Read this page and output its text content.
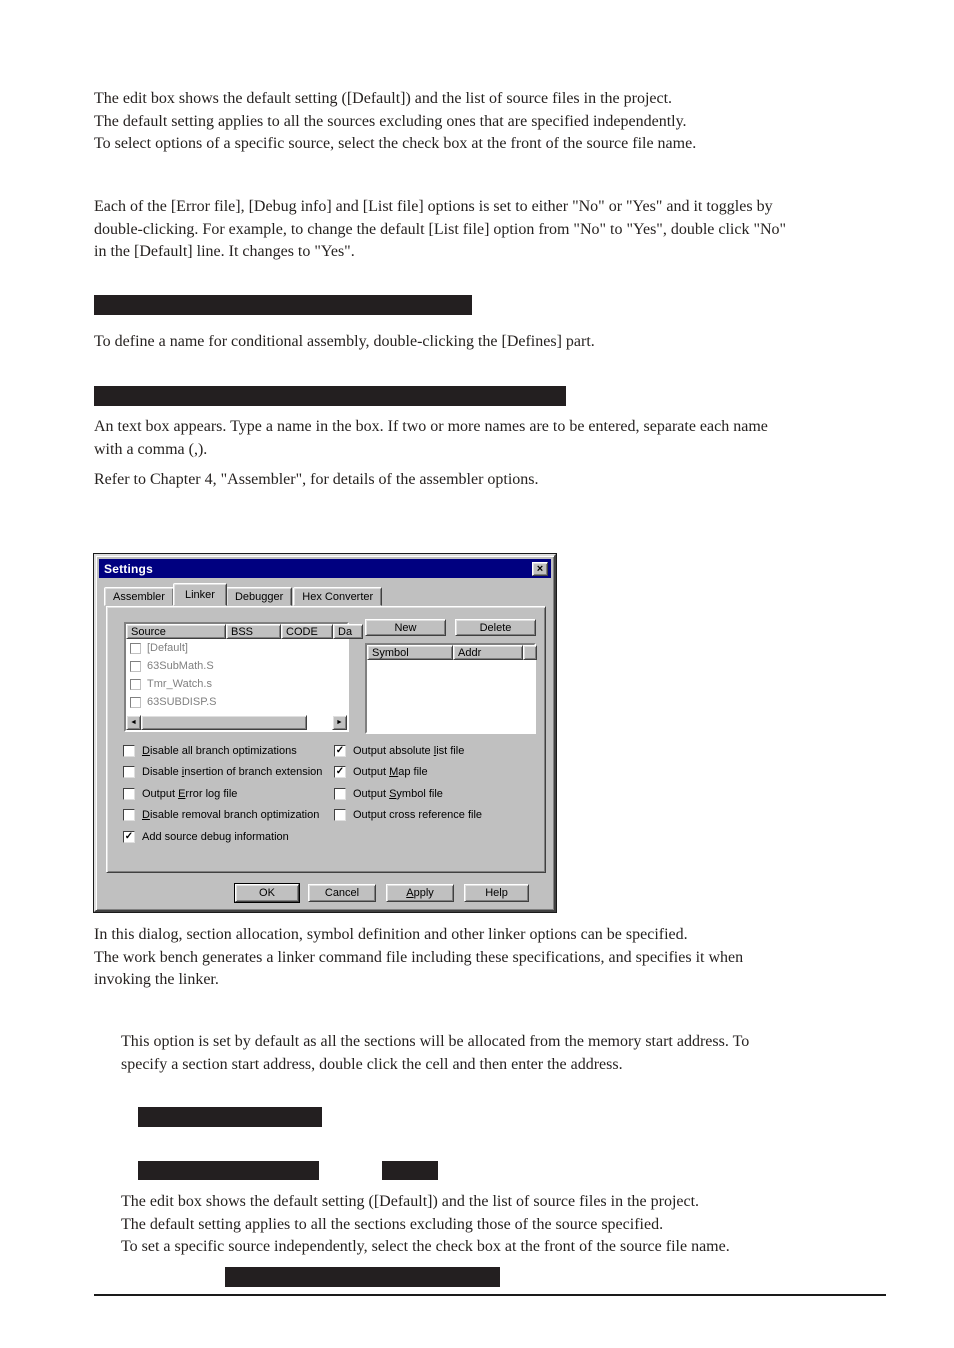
The edit box shows the default setting ([Default]) and the list of source files in the project.
The default setting applies to all the sources excluding ones that are specified independently.
To select options of a specific source, select the check box at the front of the source file name.

Each of the [Error file], [Debug info] and [List file] options is set to either "No" or "Yes" and it toggles by
double-clicking. For example, to change the default [List file] option from "No" to "Yes", double click "No"
in the [Default] line. It changes to "Yes".

To define a name for conditional assembly, double-clicking the [Defines] part.

An text box appears. Type a name in the box. If two or more names are to be entered, separate each name
with a comma (,).

Refer to Chapter 4, "Assembler", for details of the assembler options.

Settings	×
Assembler	Linker	Debugger	Hex Converter
Source	BSS	CODE	Da
[Default]
63SubMath.S
Tmr_Watch.s
63SUBDISP.S
◄	►
New	Delete
Symbol	Addr
Disable all branch optimizations
Disable insertion of branch extension
Output Error log file
Disable removal branch optimization
✓ Add source debug information
✓ Output absolute list file
✓ Output Map file
Output Symbol file
Output cross reference file
OK	Cancel	A pply	Help

In this dialog, section allocation, symbol definition and other linker options can be specified.
The work bench generates a linker command file including these specifications, and specifies it when
invoking the linker.

This option is set by default as all the sections will be allocated from the memory start address. To
specify a section start address, double click the cell and then enter the address.

The edit box shows the default setting ([Default]) and the list of source files in the project.
The default setting applies to all the sections excluding those of the source specified.
To set a specific source independently, select the check box at the front of the source file name.
